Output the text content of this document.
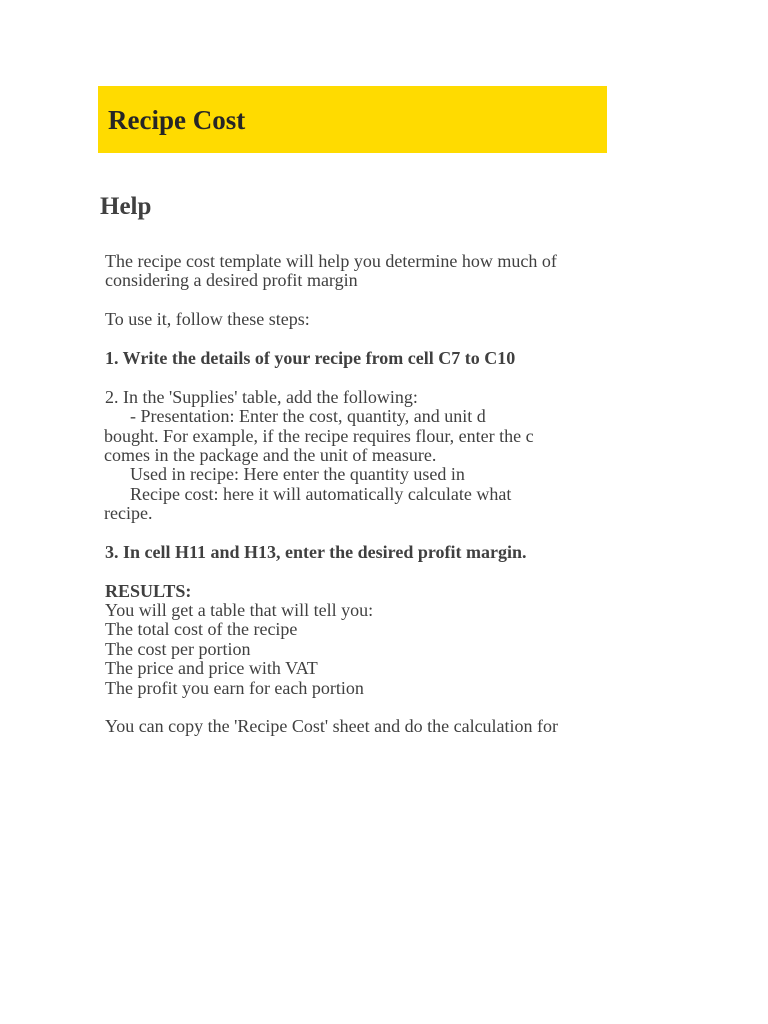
Recipe Cost
Help
The recipe cost template will help you determine how much of
considering a desired profit margin
To use it, follow these steps:
1. Write the details of your recipe from cell C7 to C10
2. In the 'Supplies' table, add the following:
- Presentation: Enter the cost, quantity, and unit d
bought. For example, if the recipe requires flour, enter the c
comes in the package and the unit of measure.
Used in recipe: Here enter the quantity used in
Recipe cost: here it will automatically calculate what
recipe.
3. In cell H11 and H13, enter the desired profit margin.
RESULTS:
You will get a table that will tell you:
The total cost of the recipe
The cost per portion
The price and price with VAT
The profit you earn for each portion
You can copy the 'Recipe Cost' sheet and do the calculation for
